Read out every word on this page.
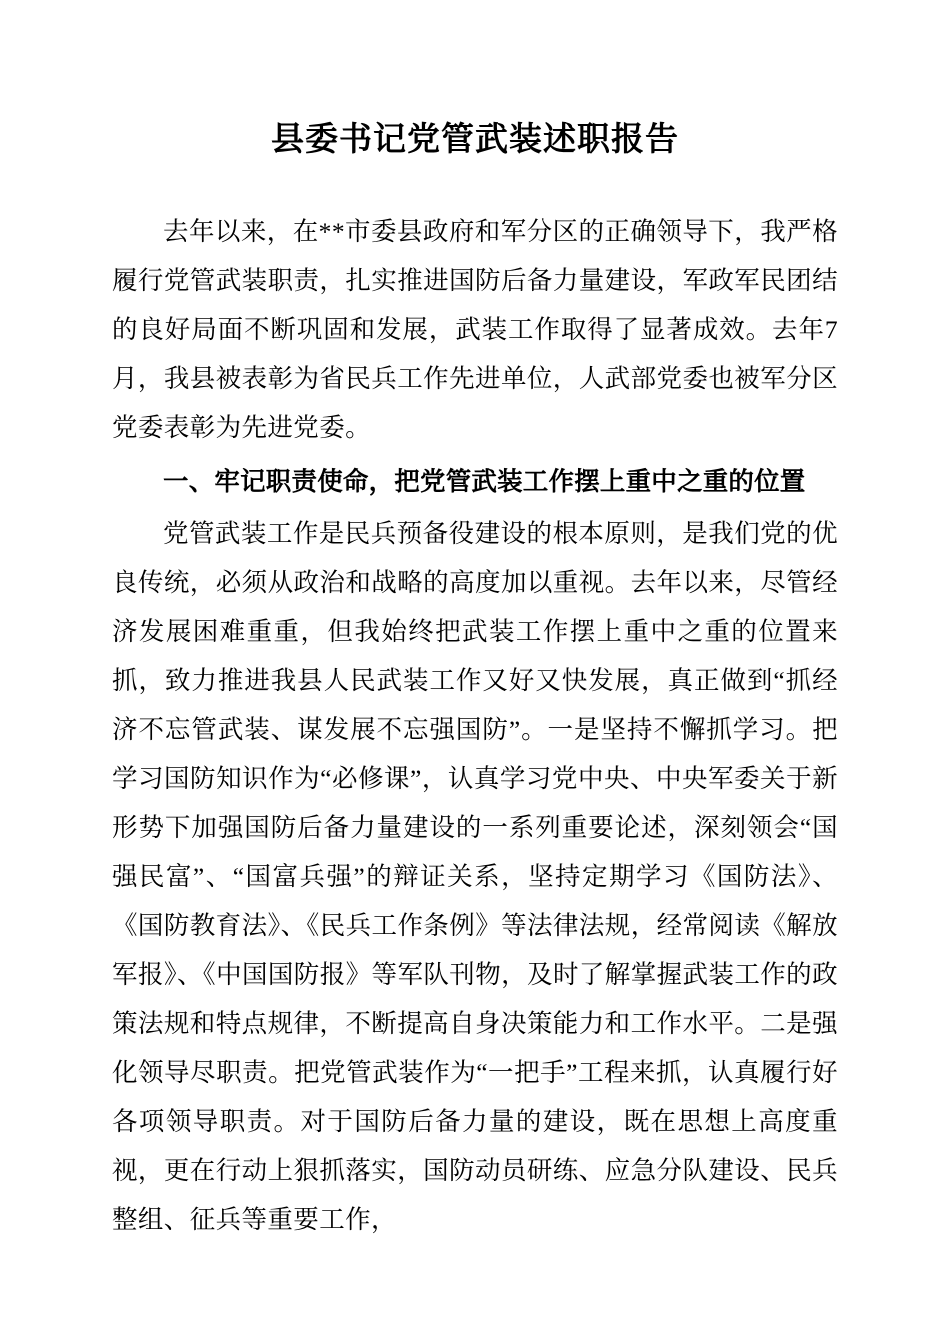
县委书记党管武装述职报告

去年以来，在**市委县政府和军分区的正确领导下，我严格履行党管武装职责，扎实推进国防后备力量建设，军政军民团结的良好局面不断巩固和发展，武装工作取得了显著成效。去年7月，我县被表彰为省民兵工作先进单位，人武部党委也被军分区党委表彰为先进党委。

一、牢记职责使命，把党管武装工作摆上重中之重的位置

党管武装工作是民兵预备役建设的根本原则，是我们党的优良传统，必须从政治和战略的高度加以重视。去年以来，尽管经济发展困难重重，但我始终把武装工作摆上重中之重的位置来抓，致力推进我县人民武装工作又好又快发展，真正做到“抓经济不忘管武装、谋发展不忘强国防”。一是坚持不懈抓学习。把学习国防知识作为“必修课”，认真学习党中央、中央军委关于新形势下加强国防后备力量建设的一系列重要论述，深刻领会“国强民富”、“国富兵强”的辩证关系，坚持定期学习《国防法》、《国防教育法》、《民兵工作条例》等法律法规，经常阅读《解放军报》、《中国国防报》等军队刊物，及时了解掌握武装工作的政策法规和特点规律，不断提高自身决策能力和工作水平。二是强化领导尽职责。把党管武装作为“一把手”工程来抓，认真履行好各项领导职责。对于国防后备力量的建设，既在思想上高度重视，更在行动上狠抓落实，国防动员研练、应急分队建设、民兵整组、征兵等重要工作，
